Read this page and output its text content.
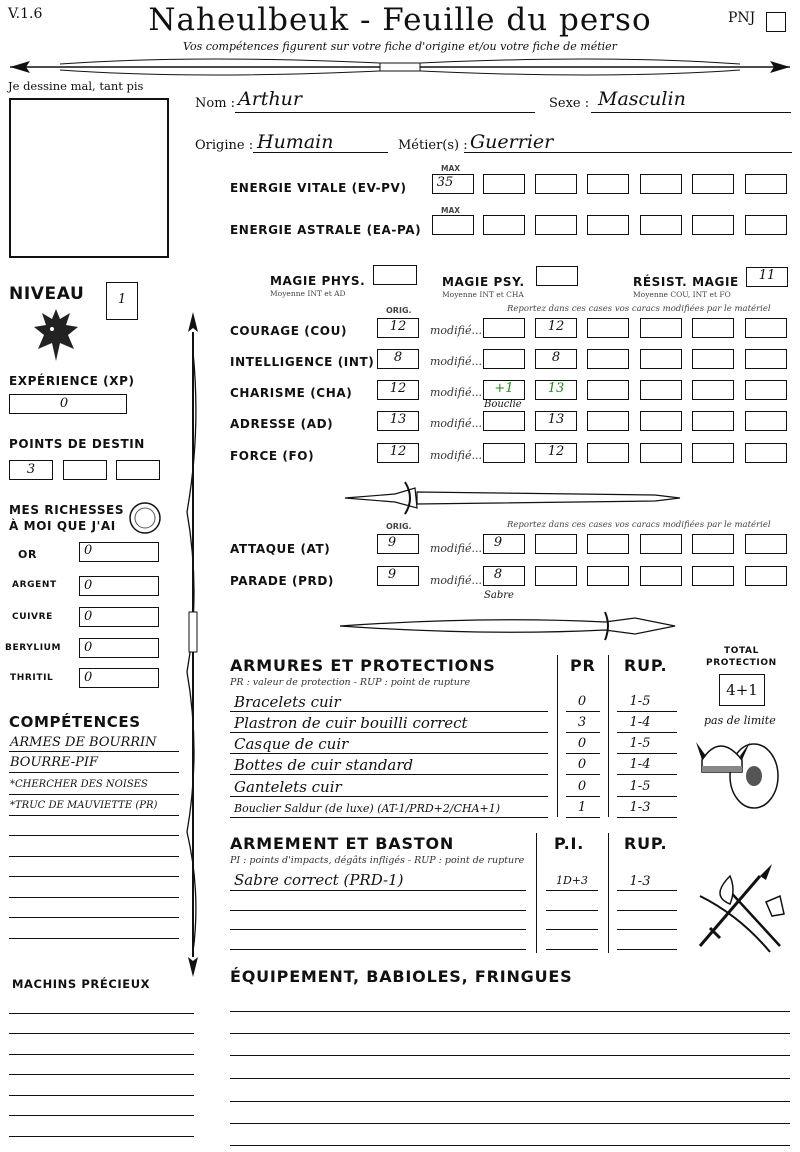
V.1.6	Naheulbeuk - Feuille du perso
Vos compétences figurent sur votre fiche d'origine et/ou votre fiche de métier
PNJ
Je dessine mal, tant pis
NIVEAU	1
EXPÉRIENCE (XP)
0
POINTS DE DESTIN
3
MES RICHESSES
À MOI QUE J'AI
OR	0
ARGENT 0
CUIVRE 0
BERYLIUM 0
THRITIL 0
COMPÉTENCES
ARMES DE BOURRIN
BOURRE-PIF
*CHERCHER DES NOISES
*TRUC DE MAUVIETTE (PR)
MACHINS PRÉCIEUX
Nom : Arthur	Sexe : Masculin
Origine : Humain	Métier(s) : Guerrier
MAX
ENERGIE VITALE (EV-PV)	35
MAX
ENERGIE ASTRALE (EA-PA)
MAGIE PHYS.
Moyenne INT et AD
MAGIE PSY.
Moyenne INT et CHA
RÉSIST. MAGIE
Moyenne COU, INT et FO
11
ORIG.	Reportez dans ces cases vos caracs modifiées par le matériel
COURAGE (COU)	12	modifié...	12
INTELLIGENCE (INT)	8	modifié...	8
CHARISME (CHA)	12	modifié... +1	13
Bouclie
ADRESSE (AD)	13	modifié...	13
FORCE (FO)	12	modifié...	12
ORIG.	Reportez dans ces cases vos caracs modifiées par le matériel
ATTAQUE (AT)	9	modifié... 9
PARADE (PRD)	9	modifié... 8
Sabre
ARMURES ET PROTECTIONS
PR : valeur de protection - RUP : point de rupture
PR RUP.
Bracelets cuir	0	1-5
Plastron de cuir bouilli correct	3	1-4
Casque de cuir	0	1-5
Bottes de cuir standard	0	1-4
Gantelets cuir	0	1-5
Bouclier Saldur (de luxe) (AT-1/PRD+2/CHA+1)	1	1-3
TOTAL
PROTECTION
4+1
pas de limite
ARMEMENT ET BASTON
PI : points d'impacts, dégâts infligés - RUP : point de rupture
P.I. RUP.
Sabre correct (PRD-1)	1D+3	1-3
ÉQUIPEMENT, BABIOLES, FRINGUES
